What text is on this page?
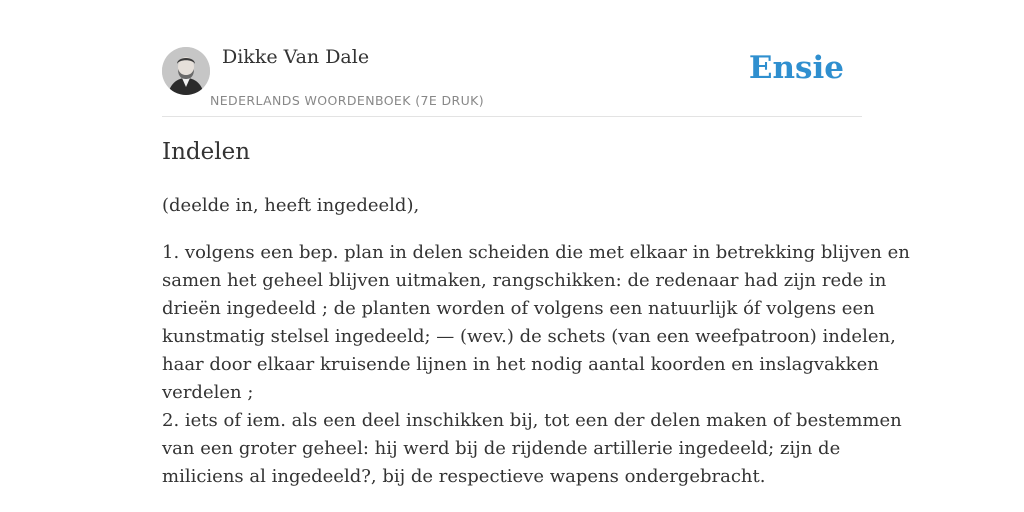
Dikke Van Dale
NEDERLANDS WOORDENBOEK (7E DRUK)
Ensie
Indelen

(deelde in, heeft ingedeeld),

1. volgens een bep. plan in delen scheiden die met elkaar in betrekking blijven en
samen het geheel blijven uitmaken, rangschikken: de redenaar had zijn rede in
drieën ingedeeld ; de planten worden of volgens een natuurlijk óf volgens een
kunstmatig stelsel ingedeeld; — (wev.) de schets (van een weefpatroon) indelen,
haar door elkaar kruisende lijnen in het nodig aantal koorden en inslagvakken
verdelen ;
2. iets of iem. als een deel inschikken bij, tot een der delen maken of bestemmen
van een groter geheel: hij werd bij de rijdende artillerie ingedeeld; zijn de
miliciens al ingedeeld?, bij de respectieve wapens ondergebracht.
